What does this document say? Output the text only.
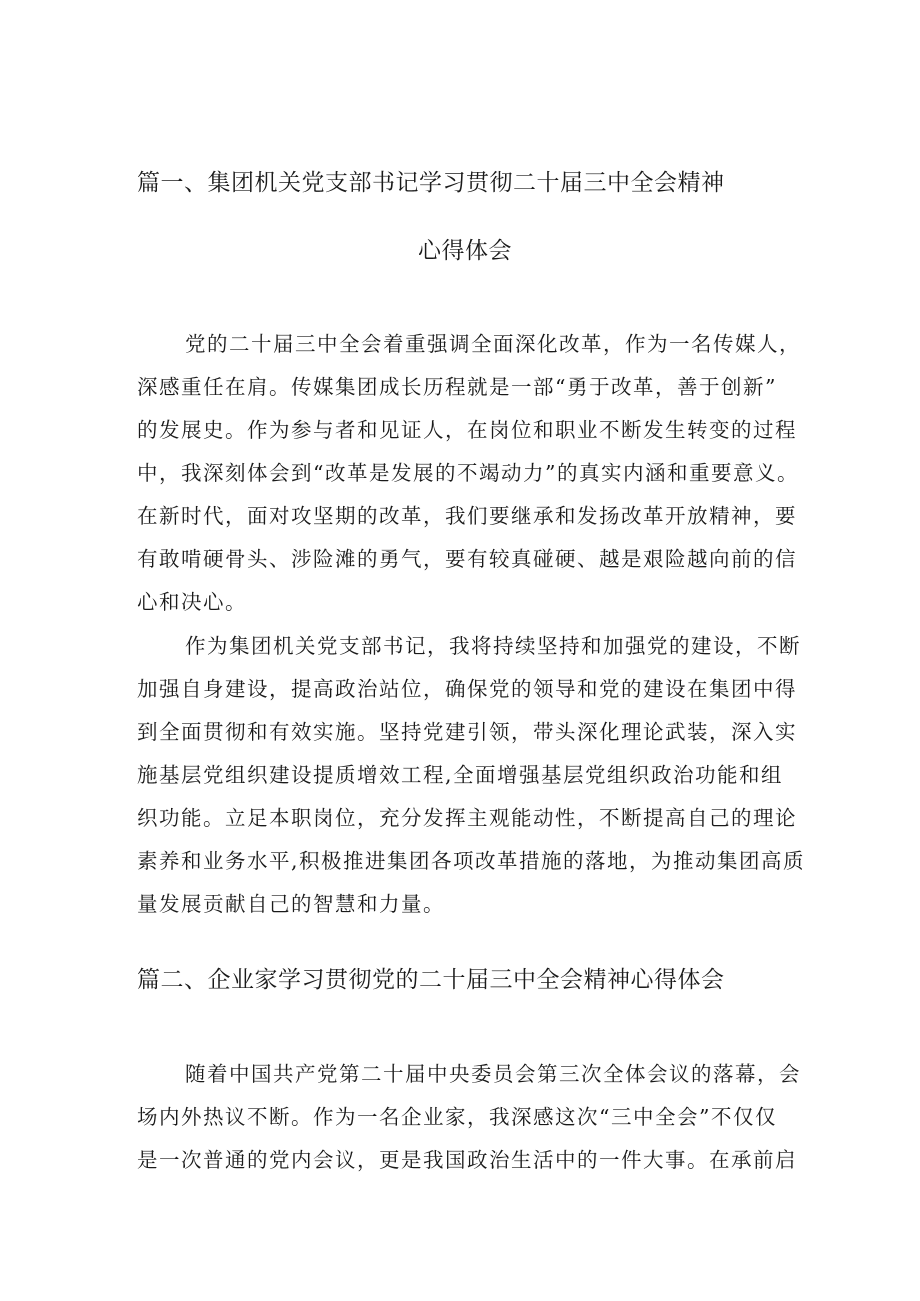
篇一、集团机关党支部书记学习贯彻二十届三中全会精神
心得体会
党的二十届三中全会着重强调全面深化改革，作为一名传媒人，
深感重任在肩。传媒集团成长历程就是一部“勇于改革，善于创新”
的发展史。作为参与者和见证人，在岗位和职业不断发生转变的过程
中，我深刻体会到“改革是发展的不竭动力”的真实内涵和重要意义。
在新时代，面对攻坚期的改革，我们要继承和发扬改革开放精神，要
有敢啃硬骨头、涉险滩的勇气，要有较真碰硬、越是艰险越向前的信
心和决心。
作为集团机关党支部书记，我将持续坚持和加强党的建设，不断
加强自身建设，提高政治站位，确保党的领导和党的建设在集团中得
到全面贯彻和有效实施。坚持党建引领，带头深化理论武装，深入实
施基层党组织建设提质增效工程,全面增强基层党组织政治功能和组
织功能。立足本职岗位，充分发挥主观能动性，不断提高自己的理论
素养和业务水平,积极推进集团各项改革措施的落地，为推动集团高质
量发展贡献自己的智慧和力量。
篇二、企业家学习贯彻党的二十届三中全会精神心得体会
随着中国共产党第二十届中央委员会第三次全体会议的落幕，会
场内外热议不断。作为一名企业家，我深感这次“三中全会”不仅仅
是一次普通的党内会议，更是我国政治生活中的一件大事。在承前启
